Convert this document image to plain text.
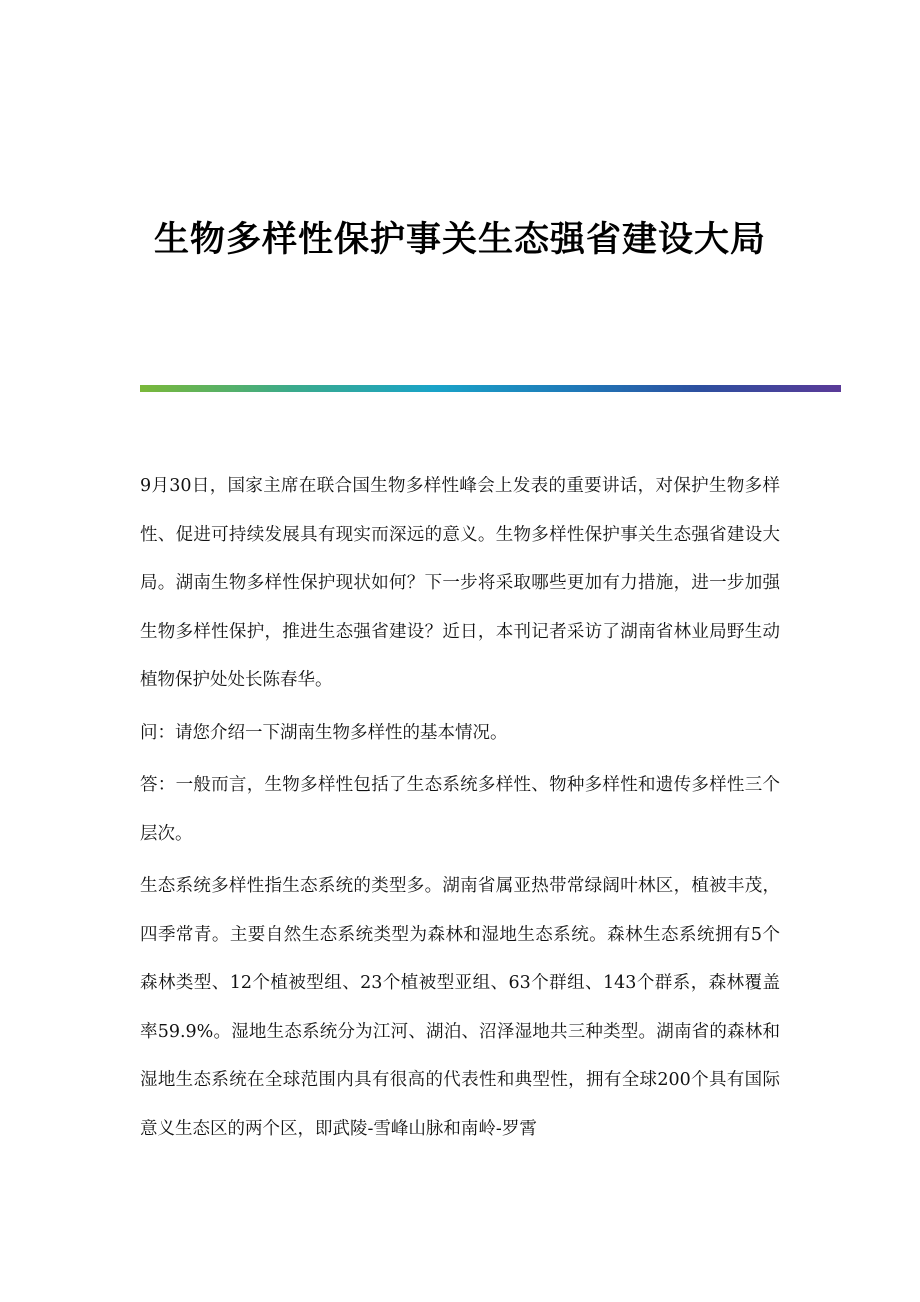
生物多样性保护事关生态强省建设大局

9月30日，国家主席在联合国生物多样性峰会上发表的重要讲话，对保护生物多样性、促进可持续发展具有现实而深远的意义。生物多样性保护事关生态强省建设大局。湖南生物多样性保护现状如何？下一步将采取哪些更加有力措施，进一步加强生物多样性保护，推进生态强省建设？近日，本刊记者采访了湖南省林业局野生动植物保护处处长陈春华。

问：请您介绍一下湖南生物多样性的基本情况。

答：一般而言，生物多样性包括了生态系统多样性、物种多样性和遗传多样性三个层次。

生态系统多样性指生态系统的类型多。湖南省属亚热带常绿阔叶林区，植被丰茂，四季常青。主要自然生态系统类型为森林和湿地生态系统。森林生态系统拥有5个森林类型、12个植被型组、23个植被型亚组、63个群组、143个群系，森林覆盖率59.9%。湿地生态系统分为江河、湖泊、沼泽湿地共三种类型。湖南省的森林和湿地生态系统在全球范围内具有很高的代表性和典型性，拥有全球200个具有国际意义生态区的两个区，即武陵-雪峰山脉和南岭-罗霄
